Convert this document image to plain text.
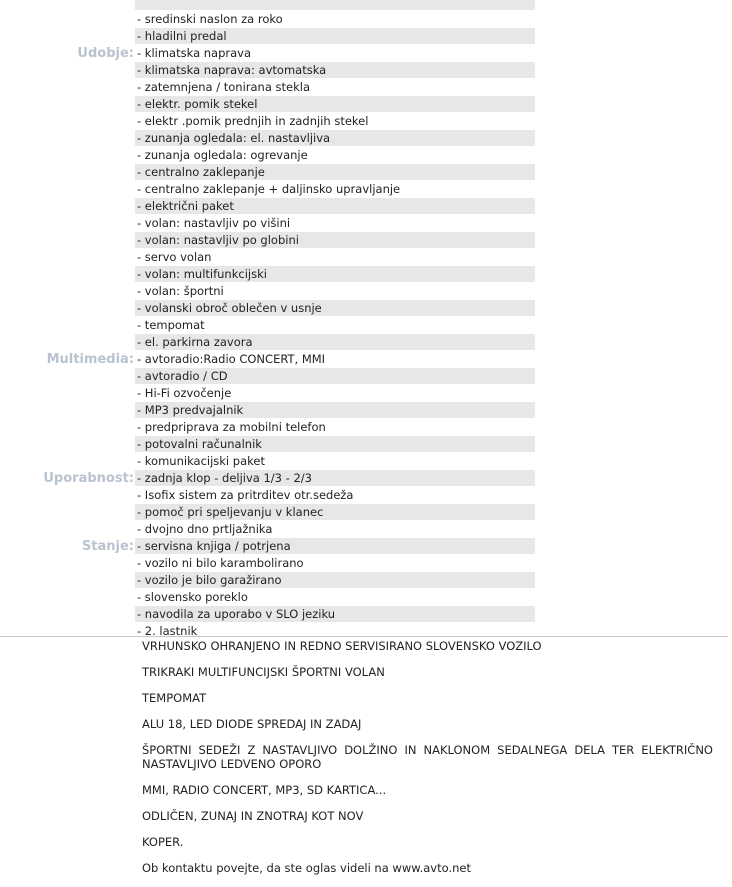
- sredinski naslon za roko
- hladilni predal
Udobje: - klimatska naprava
- klimatska naprava: avtomatska
- zatemnjena / tonirana stekla
- elektr. pomik stekel
- elektr .pomik prednjih in zadnjih stekel
- zunanja ogledala: el. nastavljiva
- zunanja ogledala: ogrevanje
- centralno zaklepanje
- centralno zaklepanje + daljinsko upravljanje
- električni paket
- volan: nastavljiv po višini
- volan: nastavljiv po globini
- servo volan
- volan: multifunkcijski
- volan: športni
- volanski obroč oblečen v usnje
- tempomat
- el. parkirna zavora
Multimedia: - avtoradio:Radio CONCERT, MMI
- avtoradio / CD
- Hi-Fi ozvočenje
- MP3 predvajalnik
- predpriprava za mobilni telefon
- potovalni računalnik
- komunikacijski paket
Uporabnost: - zadnja klop - deljiva 1/3 - 2/3
- Isofix sistem za pritrditev otr.sedeža
- pomoč pri speljevanju v klanec
- dvojno dno prtljažnika
Stanje: - servisna knjiga / potrjena
- vozilo ni bilo karambolirano
- vozilo je bilo garažirano
- slovensko poreklo
- navodila za uporabo v SLO jeziku
- 2. lastnik

VRHUNSKO OHRANJENO IN REDNO SERVISIRANO SLOVENSKO VOZILO

TRIKRAKI MULTIFUNCIJSKI ŠPORTNI VOLAN

TEMPOMAT

ALU 18, LED DIODE SPREDAJ IN ZADAJ

ŠPORTNI SEDEŽI Z NASTAVLJIVO DOLŽINO IN NAKLONOM SEDALNEGA DELA TER ELEKTRIČNO NASTAVLJIVO LEDVENO OPORO

MMI, RADIO CONCERT, MP3, SD KARTICA...

ODLIČEN, ZUNAJ IN ZNOTRAJ KOT NOV

KOPER.

Ob kontaktu povejte, da ste oglas videli na www.avto.net
